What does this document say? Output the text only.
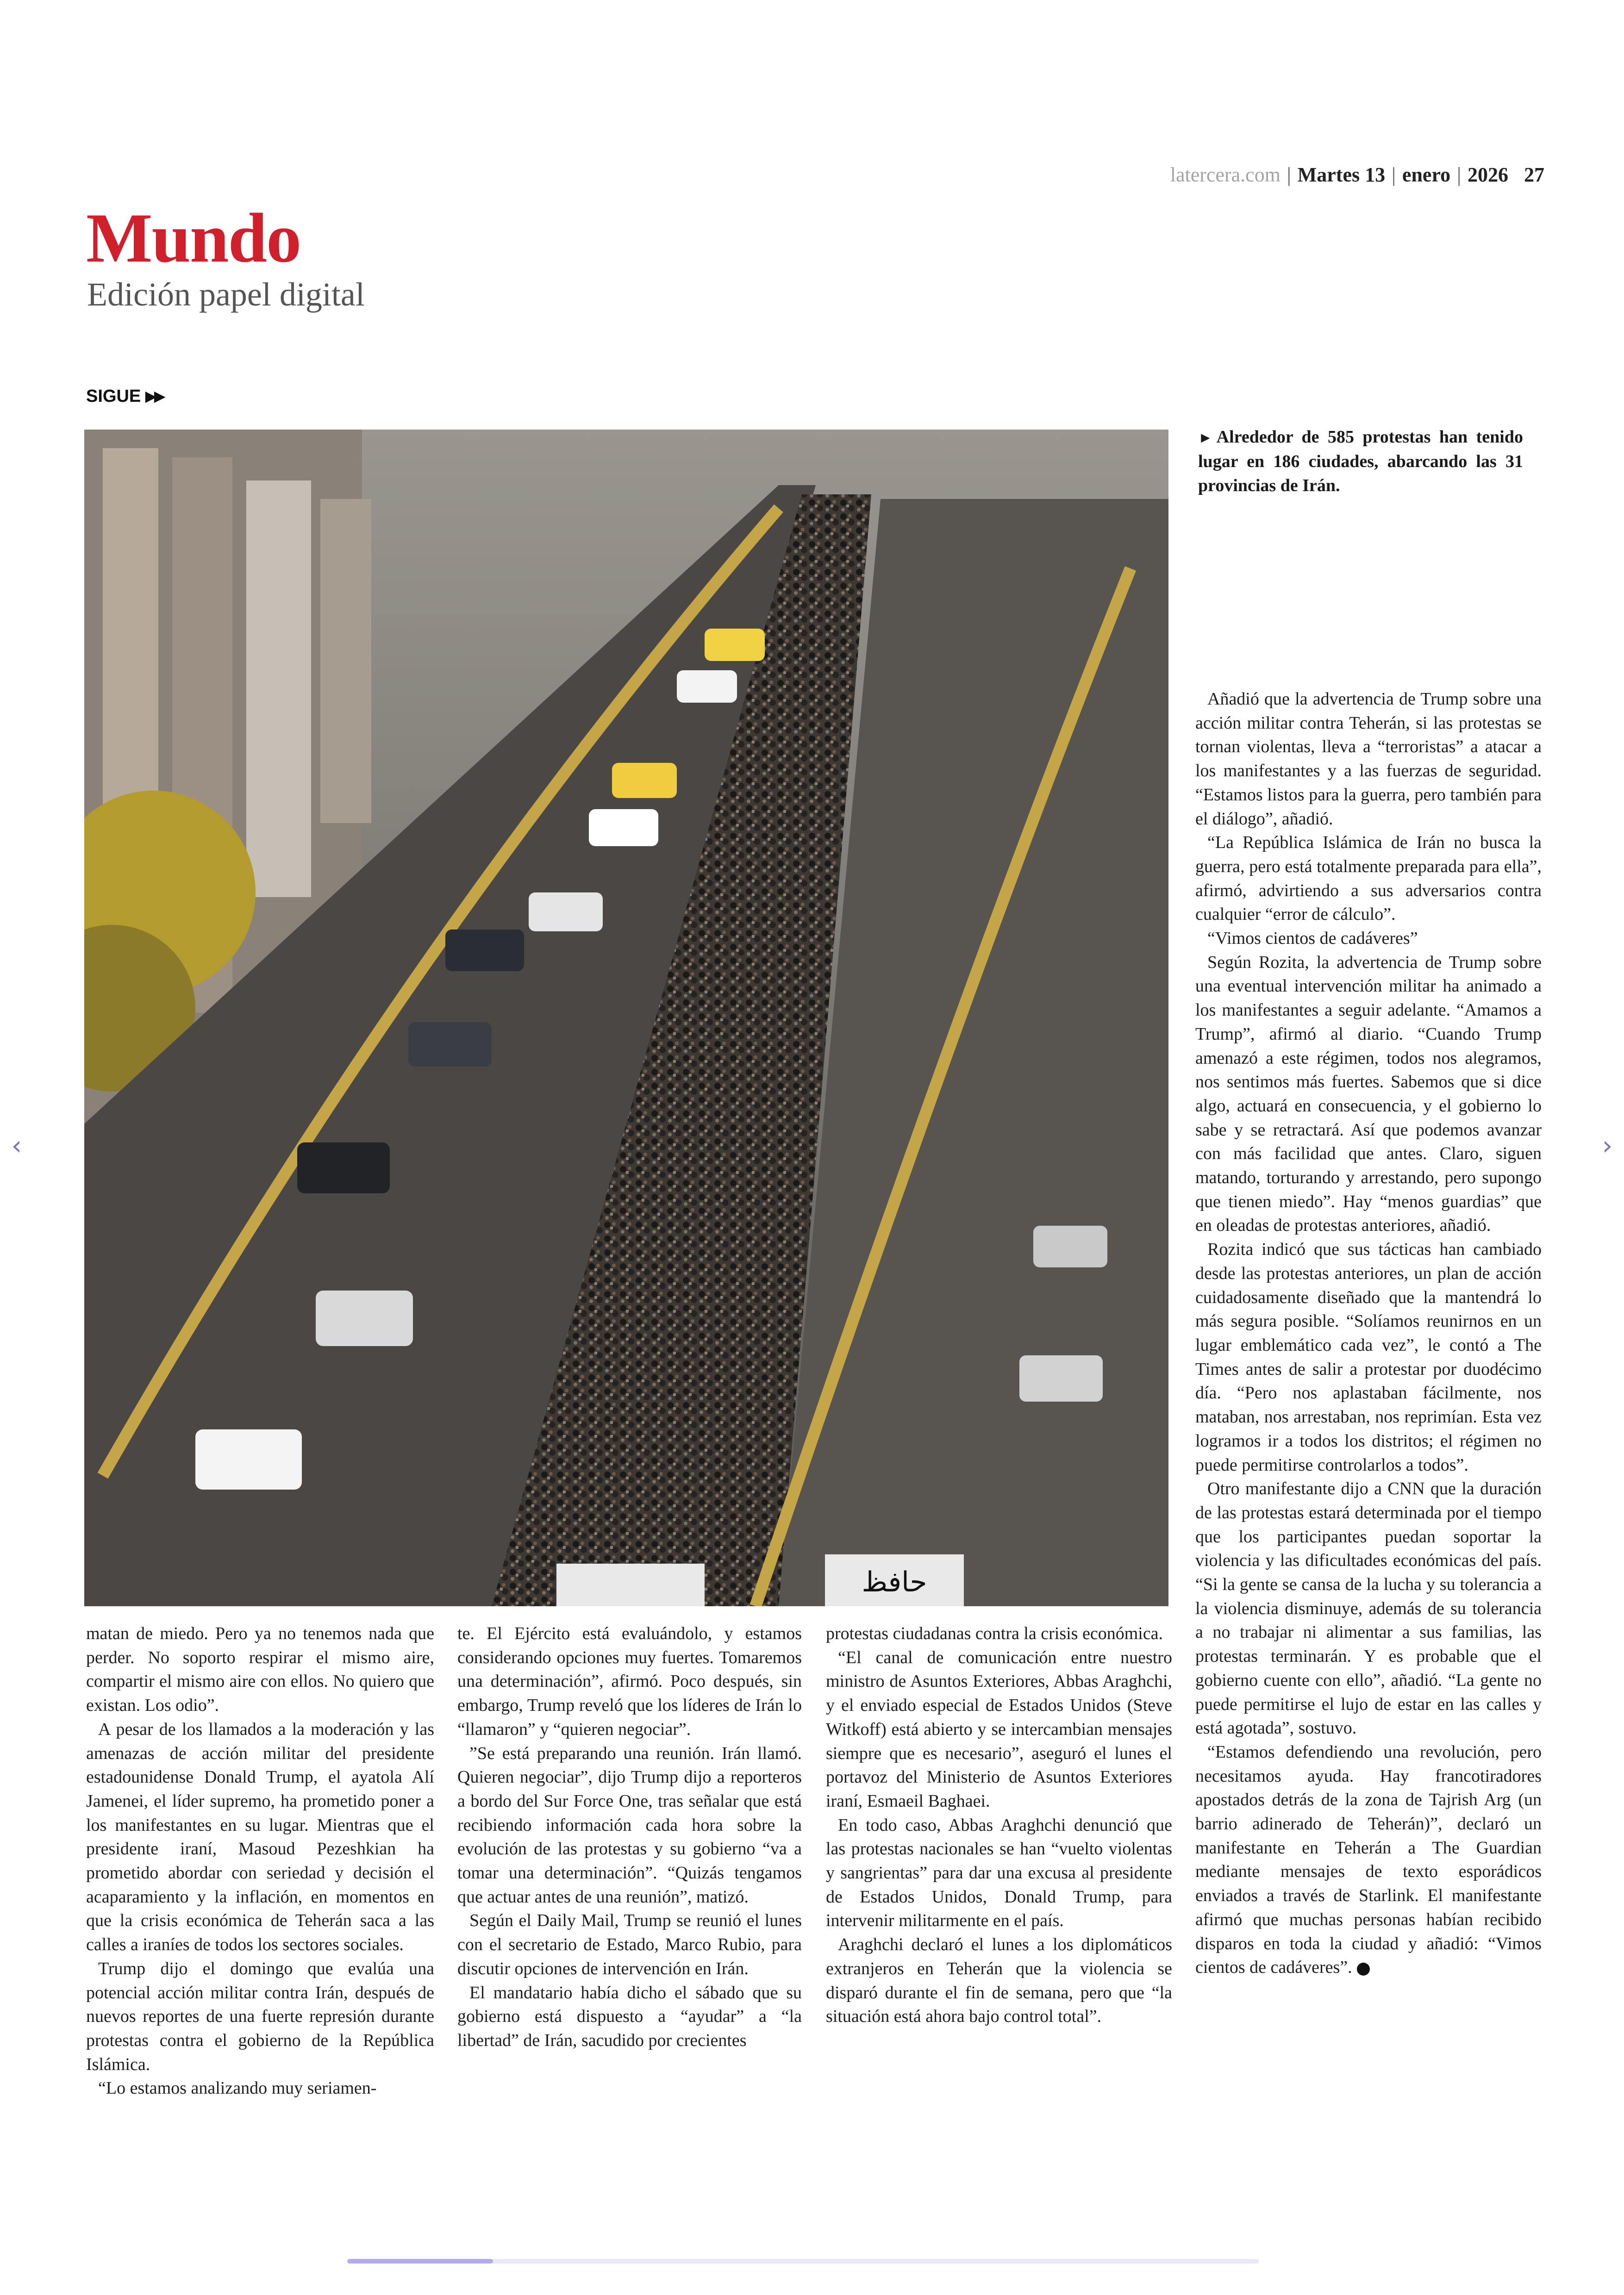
latercera.com | Martes 13 | enero | 2026 27
Mundo
Edición papel digital
SIGUE ▶▶
حافظ
► Alrededor de 585 protestas han tenido lugar en 186 ciudades, abarcando las 31 provincias de Irán.

matan de miedo. Pero ya no tenemos nada que perder. No soporto respirar el mismo aire, compartir el mismo aire con ellos. No quiero que existan. Los odio”.

A pesar de los llamados a la moderación y las amenazas de acción militar del presidente estadounidense Donald Trump, el ayatola Alí Jamenei, el líder supremo, ha prometido poner a los manifestantes en su lugar. Mientras que el presidente iraní, Masoud Pezeshkian ha prometido abordar con seriedad y decisión el acaparamiento y la inflación, en momentos en que la crisis económica de Teherán saca a las calles a iraníes de todos los sectores sociales.

Trump dijo el domingo que evalúa una potencial acción militar contra Irán, después de nuevos reportes de una fuerte represión durante protestas contra el gobierno de la República Islámica.

“Lo estamos analizando muy seriamen-

te. El Ejército está evaluándolo, y estamos considerando opciones muy fuertes. Tomaremos una determinación”, afirmó. Poco después, sin embargo, Trump reveló que los líderes de Irán lo “llamaron” y “quieren negociar”.

”Se está preparando una reunión. Irán llamó. Quieren negociar”, dijo Trump dijo a reporteros a bordo del Sur Force One, tras señalar que está recibiendo información cada hora sobre la evolución de las protestas y su gobierno “va a tomar una determinación”. “Quizás tengamos que actuar antes de una reunión”, matizó.

Según el Daily Mail, Trump se reunió el lunes con el secretario de Estado, Marco Rubio, para discutir opciones de intervención en Irán.

El mandatario había dicho el sábado que su gobierno está dispuesto a “ayudar” a “la libertad” de Irán, sacudido por crecientes

protestas ciudadanas contra la crisis económica.

“El canal de comunicación entre nuestro ministro de Asuntos Exteriores, Abbas Araghchi, y el enviado especial de Estados Unidos (Steve Witkoff) está abierto y se intercambian mensajes siempre que es necesario”, aseguró el lunes el portavoz del Ministerio de Asuntos Exteriores iraní, Esmaeil Baghaei.

En todo caso, Abbas Araghchi denunció que las protestas nacionales se han “vuelto violentas y sangrientas” para dar una excusa al presidente de Estados Unidos, Donald Trump, para intervenir militarmente en el país.

Araghchi declaró el lunes a los diplomáticos extranjeros en Teherán que la violencia se disparó durante el fin de semana, pero que “la situación está ahora bajo control total”.

Añadió que la advertencia de Trump sobre una acción militar contra Teherán, si las protestas se tornan violentas, lleva a “terroristas” a atacar a los manifestantes y a las fuerzas de seguridad. “Estamos listos para la guerra, pero también para el diálogo”, añadió.

“La República Islámica de Irán no busca la guerra, pero está totalmente preparada para ella”, afirmó, advirtiendo a sus adversarios contra cualquier “error de cálculo”.

“Vimos cientos de cadáveres”

Según Rozita, la advertencia de Trump sobre una eventual intervención militar ha animado a los manifestantes a seguir adelante. “Amamos a Trump”, afirmó al diario. “Cuando Trump amenazó a este régimen, todos nos alegramos, nos sentimos más fuertes. Sabemos que si dice algo, actuará en consecuencia, y el gobierno lo sabe y se retractará. Así que podemos avanzar con más facilidad que antes. Claro, siguen matando, torturando y arrestando, pero supongo que tienen miedo”. Hay “menos guardias” que en oleadas de protestas anteriores, añadió.

Rozita indicó que sus tácticas han cambiado desde las protestas anteriores, un plan de acción cuidadosamente diseñado que la mantendrá lo más segura posible. “Solíamos reunirnos en un lugar emblemático cada vez”, le contó a The Times antes de salir a protestar por duodécimo día. “Pero nos aplastaban fácilmente, nos mataban, nos arrestaban, nos reprimían. Esta vez logramos ir a todos los distritos; el régimen no puede permitirse controlarlos a todos”.

Otro manifestante dijo a CNN que la duración de las protestas estará determinada por el tiempo que los participantes puedan soportar la violencia y las dificultades económicas del país. “Si la gente se cansa de la lucha y su tolerancia a la violencia disminuye, además de su tolerancia a no trabajar ni alimentar a sus familias, las protestas terminarán. Y es probable que el gobierno cuente con ello”, añadió. “La gente no puede permitirse el lujo de estar en las calles y está agotada”, sostuvo.

“Estamos defendiendo una revolución, pero necesitamos ayuda. Hay francotiradores apostados detrás de la zona de Tajrish Arg (un barrio adinerado de Teherán)”, declaró un manifestante en Teherán a The Guardian mediante mensajes de texto esporádicos enviados a través de Starlink. El manifestante afirmó que muchas personas habían recibido disparos en toda la ciudad y añadió: “Vimos cientos de cadáveres”.

‹	›
